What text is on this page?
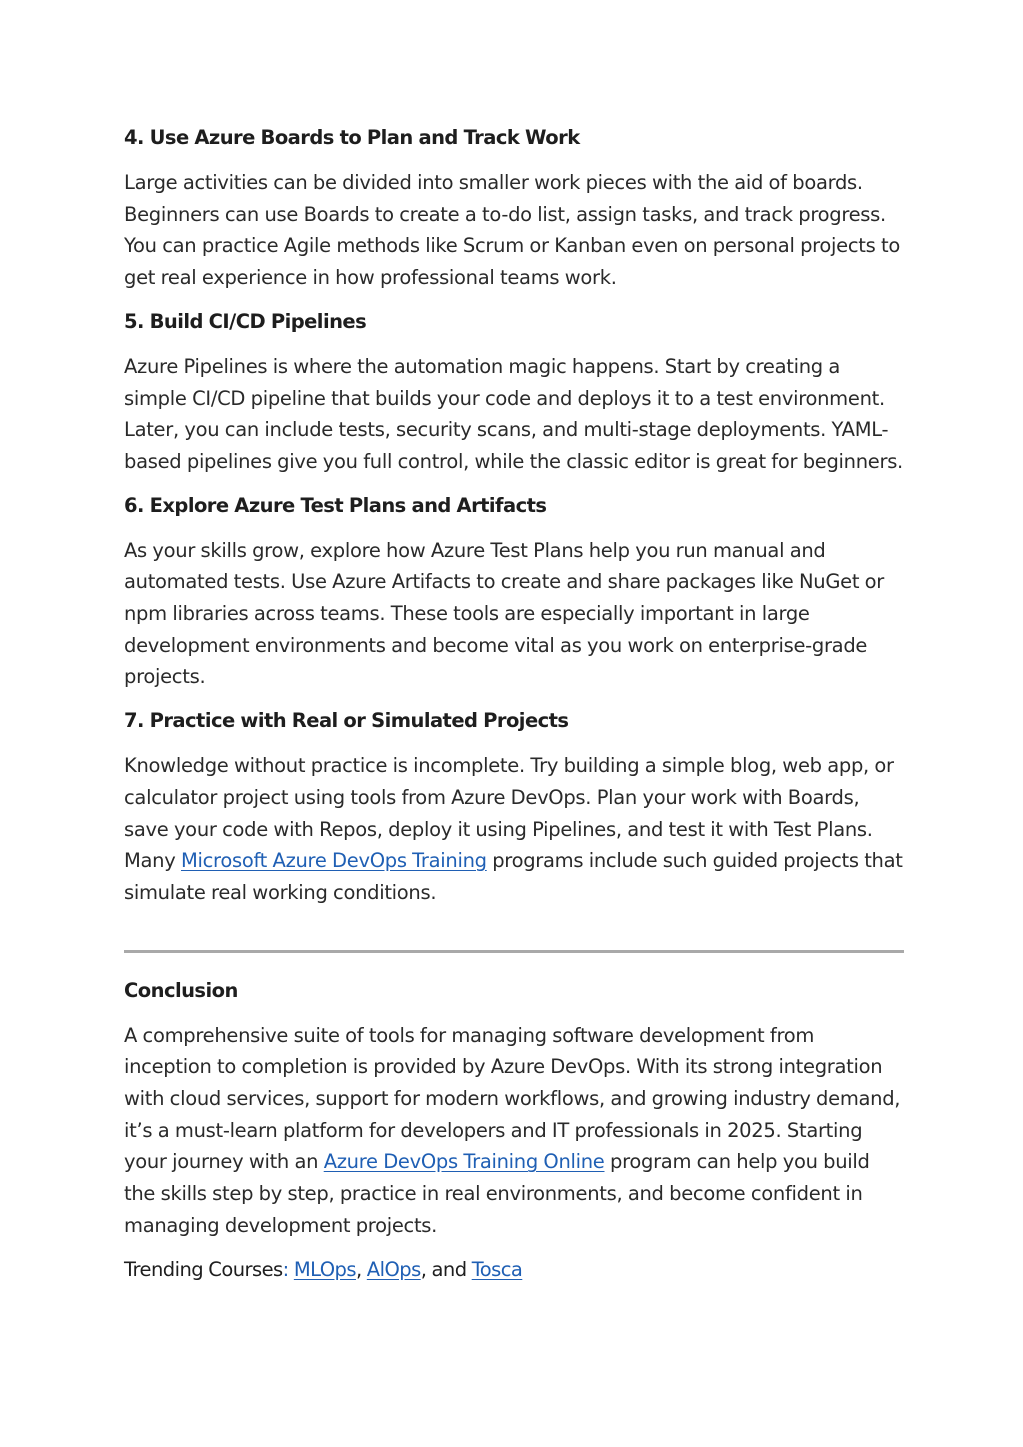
4. Use Azure Boards to Plan and Track Work

Large activities can be divided into smaller work pieces with the aid of boards. Beginners can use Boards to create a to-do list, assign tasks, and track progress. You can practice Agile methods like Scrum or Kanban even on personal projects to get real experience in how professional teams work.

5. Build CI/CD Pipelines

Azure Pipelines is where the automation magic happens. Start by creating a simple CI/CD pipeline that builds your code and deploys it to a test environment. Later, you can include tests, security scans, and multi-stage deployments. YAML-based pipelines give you full control, while the classic editor is great for beginners.

6. Explore Azure Test Plans and Artifacts

As your skills grow, explore how Azure Test Plans help you run manual and automated tests. Use Azure Artifacts to create and share packages like NuGet or npm libraries across teams. These tools are especially important in large development environments and become vital as you work on enterprise-grade projects.

7. Practice with Real or Simulated Projects

Knowledge without practice is incomplete. Try building a simple blog, web app, or calculator project using tools from Azure DevOps. Plan your work with Boards, save your code with Repos, deploy it using Pipelines, and test it with Test Plans. Many Microsoft Azure DevOps Training programs include such guided projects that simulate real working conditions.

Conclusion

A comprehensive suite of tools for managing software development from inception to completion is provided by Azure DevOps. With its strong integration with cloud services, support for modern workflows, and growing industry demand, it’s a must-learn platform for developers and IT professionals in 2025. Starting your journey with an Azure DevOps Training Online program can help you build the skills step by step, practice in real environments, and become confident in managing development projects.

Trending Courses: MLOps, AlOps, and Tosca
